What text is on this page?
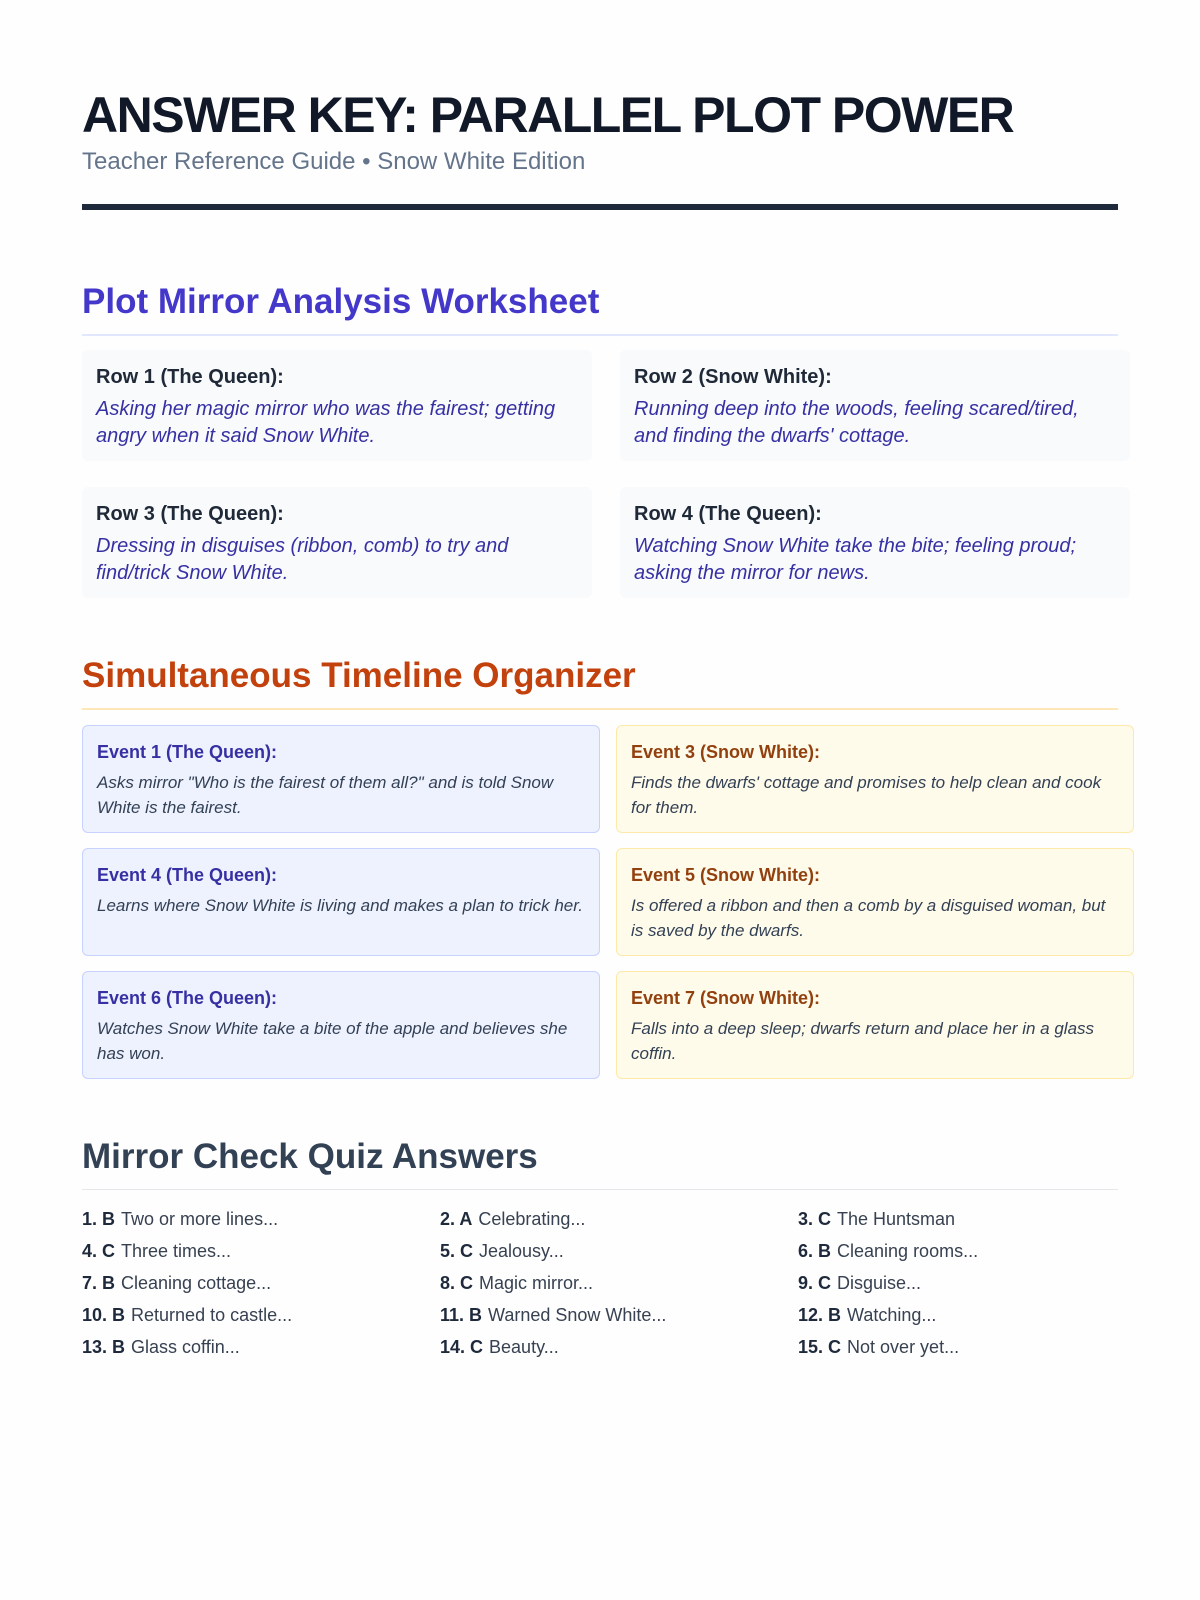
ANSWER KEY: PARALLEL PLOT POWER
Teacher Reference Guide • Snow White Edition
Plot Mirror Analysis Worksheet
Row 1 (The Queen):
Asking her magic mirror who was the fairest; getting angry when it said Snow White.
Row 2 (Snow White):
Running deep into the woods, feeling scared/tired, and finding the dwarfs' cottage.
Row 3 (The Queen):
Dressing in disguises (ribbon, comb) to try and find/trick Snow White.
Row 4 (The Queen):
Watching Snow White take the bite; feeling proud; asking the mirror for news.
Simultaneous Timeline Organizer
Event 1 (The Queen):
Asks mirror "Who is the fairest of them all?" and is told Snow White is the fairest.
Event 3 (Snow White):
Finds the dwarfs' cottage and promises to help clean and cook for them.
Event 4 (The Queen):
Learns where Snow White is living and makes a plan to trick her.
Event 5 (Snow White):
Is offered a ribbon and then a comb by a disguised woman, but is saved by the dwarfs.
Event 6 (The Queen):
Watches Snow White take a bite of the apple and believes she has won.
Event 7 (Snow White):
Falls into a deep sleep; dwarfs return and place her in a glass coffin.
Mirror Check Quiz Answers
1. B Two or more lines...	2. A Celebrating...	3. C The Huntsman
4. C Three times...	5. C Jealousy...	6. B Cleaning rooms...
7. B Cleaning cottage...	8. C Magic mirror...	9. C Disguise...
10. B Returned to castle...	11. B Warned Snow White...	12. B Watching...
13. B Glass coffin...	14. C Beauty...	15. C Not over yet...
